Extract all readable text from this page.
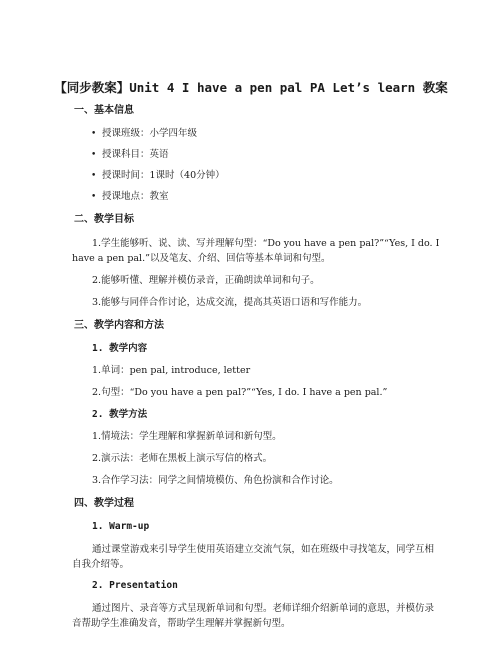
【同步教案】Unit 4 I have a pen pal PA Let’s learn 教案
一、基本信息
• 授课班级：小学四年级
• 授课科目：英语
• 授课时间：1课时（40分钟）
• 授课地点：教室
二、教学目标
1.学生能够听、说、读、写并理解句型：“Do you have a pen pal?”“Yes, I do. I have a pen pal.”以及笔友、介绍、回信等基本单词和句型。
2.能够听懂、理解并模仿录音，正确朗读单词和句子。
3.能够与同伴合作讨论，达成交流，提高其英语口语和写作能力。
三、教学内容和方法
1. 教学内容
1.单词：pen pal, introduce, letter
2.句型：“Do you have a pen pal?”“Yes, I do. I have a pen pal.”
2. 教学方法
1.情境法：学生理解和掌握新单词和新句型。
2.演示法：老师在黑板上演示写信的格式。
3.合作学习法：同学之间情境模仿、角色扮演和合作讨论。
四、教学过程
1. Warm-up
通过课堂游戏来引导学生使用英语建立交流气氛，如在班级中寻找笔友，同学互相自我介绍等。
2. Presentation
通过图片、录音等方式呈现新单词和句型。老师详细介绍新单词的意思，并模仿录音帮助学生准确发音，帮助学生理解并掌握新句型。
